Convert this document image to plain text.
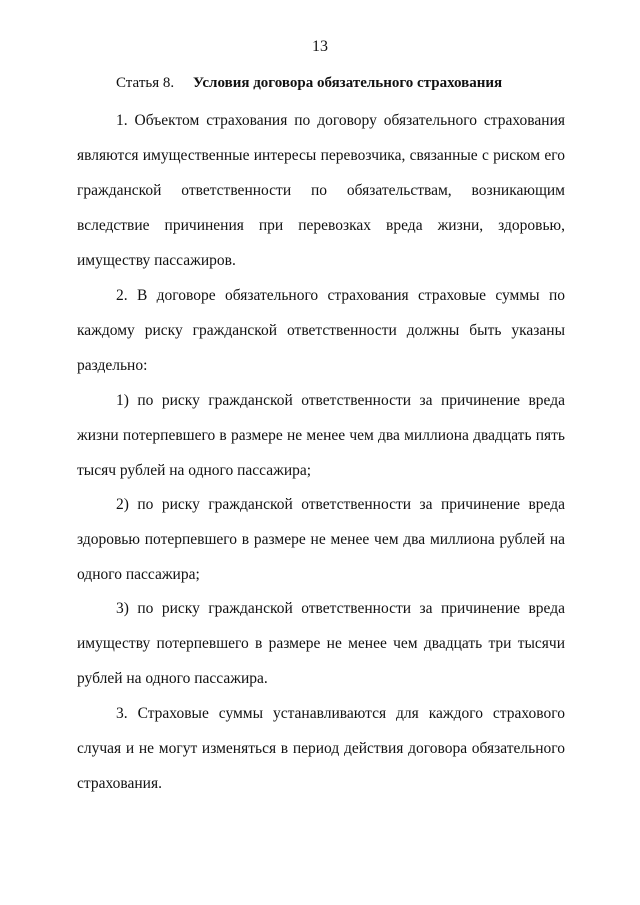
13
Статья 8. Условия договора обязательного страхования

1. Объектом страхования по договору обязательного страхования являются имущественные интересы перевозчика, связанные с риском его гражданской ответственности по обязательствам, возникающим вследствие причинения при перевозках вреда жизни, здоровью, имуществу пассажиров.

2. В договоре обязательного страхования страховые суммы по каждому риску гражданской ответственности должны быть указаны раздельно:

1) по риску гражданской ответственности за причинение вреда жизни потерпевшего в размере не менее чем два миллиона двадцать пять тысяч рублей на одного пассажира;

2) по риску гражданской ответственности за причинение вреда здоровью потерпевшего в размере не менее чем два миллиона рублей на одного пассажира;

3) по риску гражданской ответственности за причинение вреда имуществу потерпевшего в размере не менее чем двадцать три тысячи рублей на одного пассажира.

3. Страховые суммы устанавливаются для каждого страхового случая и не могут изменяться в период действия договора обязательного страхования.
